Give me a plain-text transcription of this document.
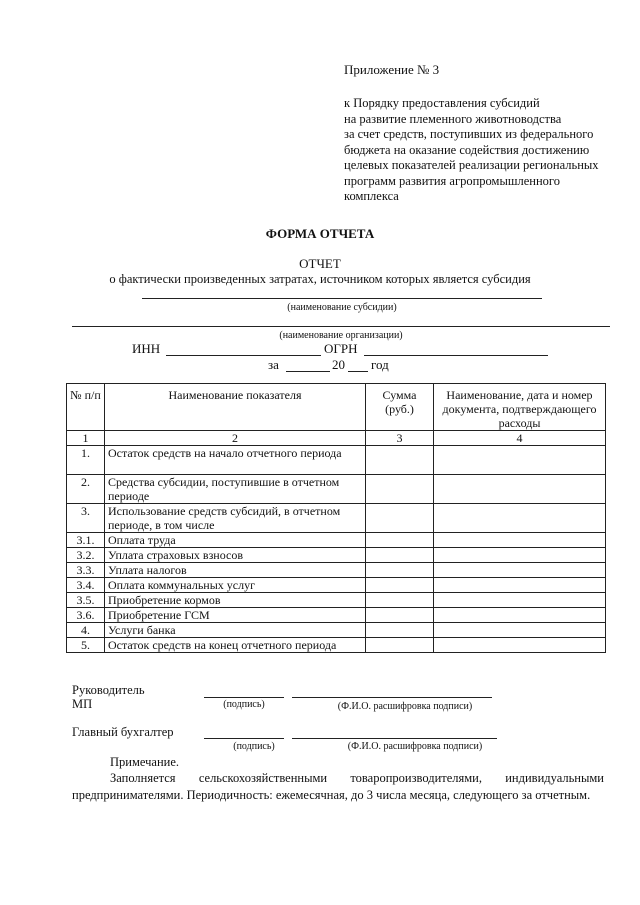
Приложение № 3
к Порядку предоставления субсидий
на развитие племенного животноводства
за счет средств, поступивших из федерального
бюджета на оказание содействия достижению
целевых показателей реализации региональных
программ развития агропромышленного
комплекса
ФОРМА ОТЧЕТА
ОТЧЕТ
о фактически произведенных затратах, источником которых является субсидия
(наименование субсидии)
(наименование организации)
ИНН	ОГРН
за	20 год
№ п/п	Наименование показателя	Сумма (руб.)	Наименование, дата и номер документа, подтверждающего расходы
1	2	3	4
1.	Остаток средств на начало отчетного периода		
2.	Средства субсидии, поступившие в отчетном периоде		
3.	Использование средств субсидий, в отчетном периоде, в том числе		
3.1.	Оплата труда		
3.2.	Уплата страховых взносов		
3.3.	Уплата налогов		
3.4.	Оплата коммунальных услуг		
3.5.	Приобретение кормов		
3.6.	Приобретение ГСМ		
4.	Услуги банка		
5.	Остаток средств на конец отчетного периода		
Руководитель
МП	(подпись)	(Ф.И.О. расшифровка подписи)
Главный бухгалтер
(подпись)	(Ф.И.О. расшифровка подписи)
Примечание.
Заполняется сельскохозяйственными товаропроизводителями, индивидуальными предпринимателями. Периодичность: ежемесячная, до 3 числа месяца, следующего за отчетным.
